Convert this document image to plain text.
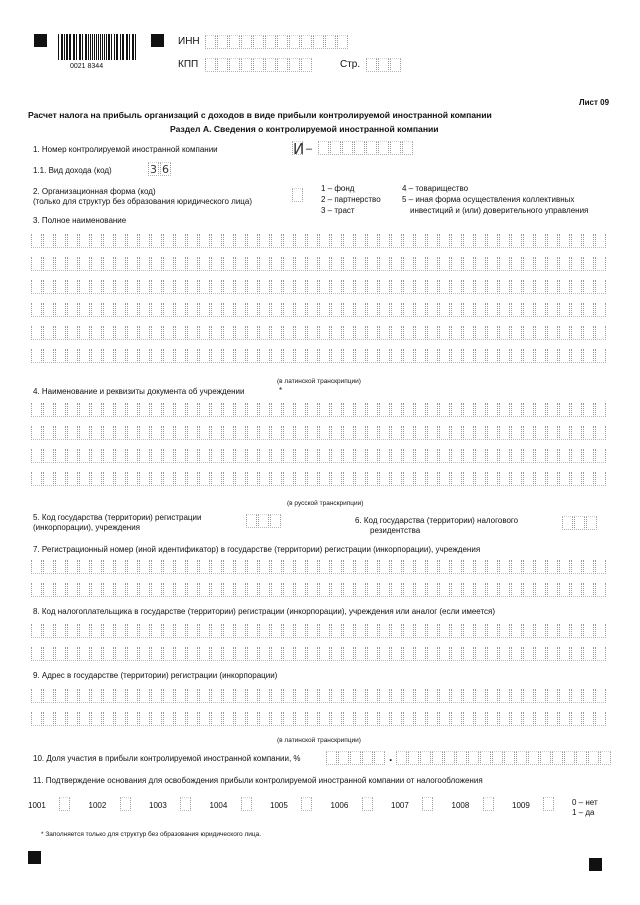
0021 8344
ИНН
КПП	Стр.
Лист 09
Расчет налога на прибыль организаций с доходов в виде прибыли контролируемой иностранной компании
Раздел А. Сведения о контролируемой иностранной компании
1. Номер контролируемой иностранной компании	И –
1.1. Вид дохода (код)	3 6
2. Организационная форма (код)
(только для структур без образования юридического лица)
1 – фонд
2 – партнерство
3 – траст
4 – товарищество
5 – иная форма осуществления коллективных
инвестиций и (или) доверительного управления
3. Полное наименование
(в латинской транскрипции)
4. Наименование и реквизиты документа об учреждении	*
(в русской транскрипции)
5. Код государства (территории) регистрации
(инкорпорации), учреждения
6. Код государства (территории) налогового
резидентства
7. Регистрационный номер (иной идентификатор) в государстве (территории) регистрации (инкорпорации), учреждения
8. Код налогоплательщика в государстве (территории) регистрации (инкорпорации), учреждения или аналог (если имеется)
9. Адрес в государстве (территории) регистрации (инкорпорации)
(в латинской транскрипции)
10. Доля участия в прибыли контролируемой иностранной компании, %	.
11. Подтверждение основания для освобождения прибыли контролируемой иностранной компании от налогообложения
0 – нет
1 – да
* Заполняется только для структур без образования юридического лица.
1001	1002	1003	1004	1005	1006	1007	1008	1009
